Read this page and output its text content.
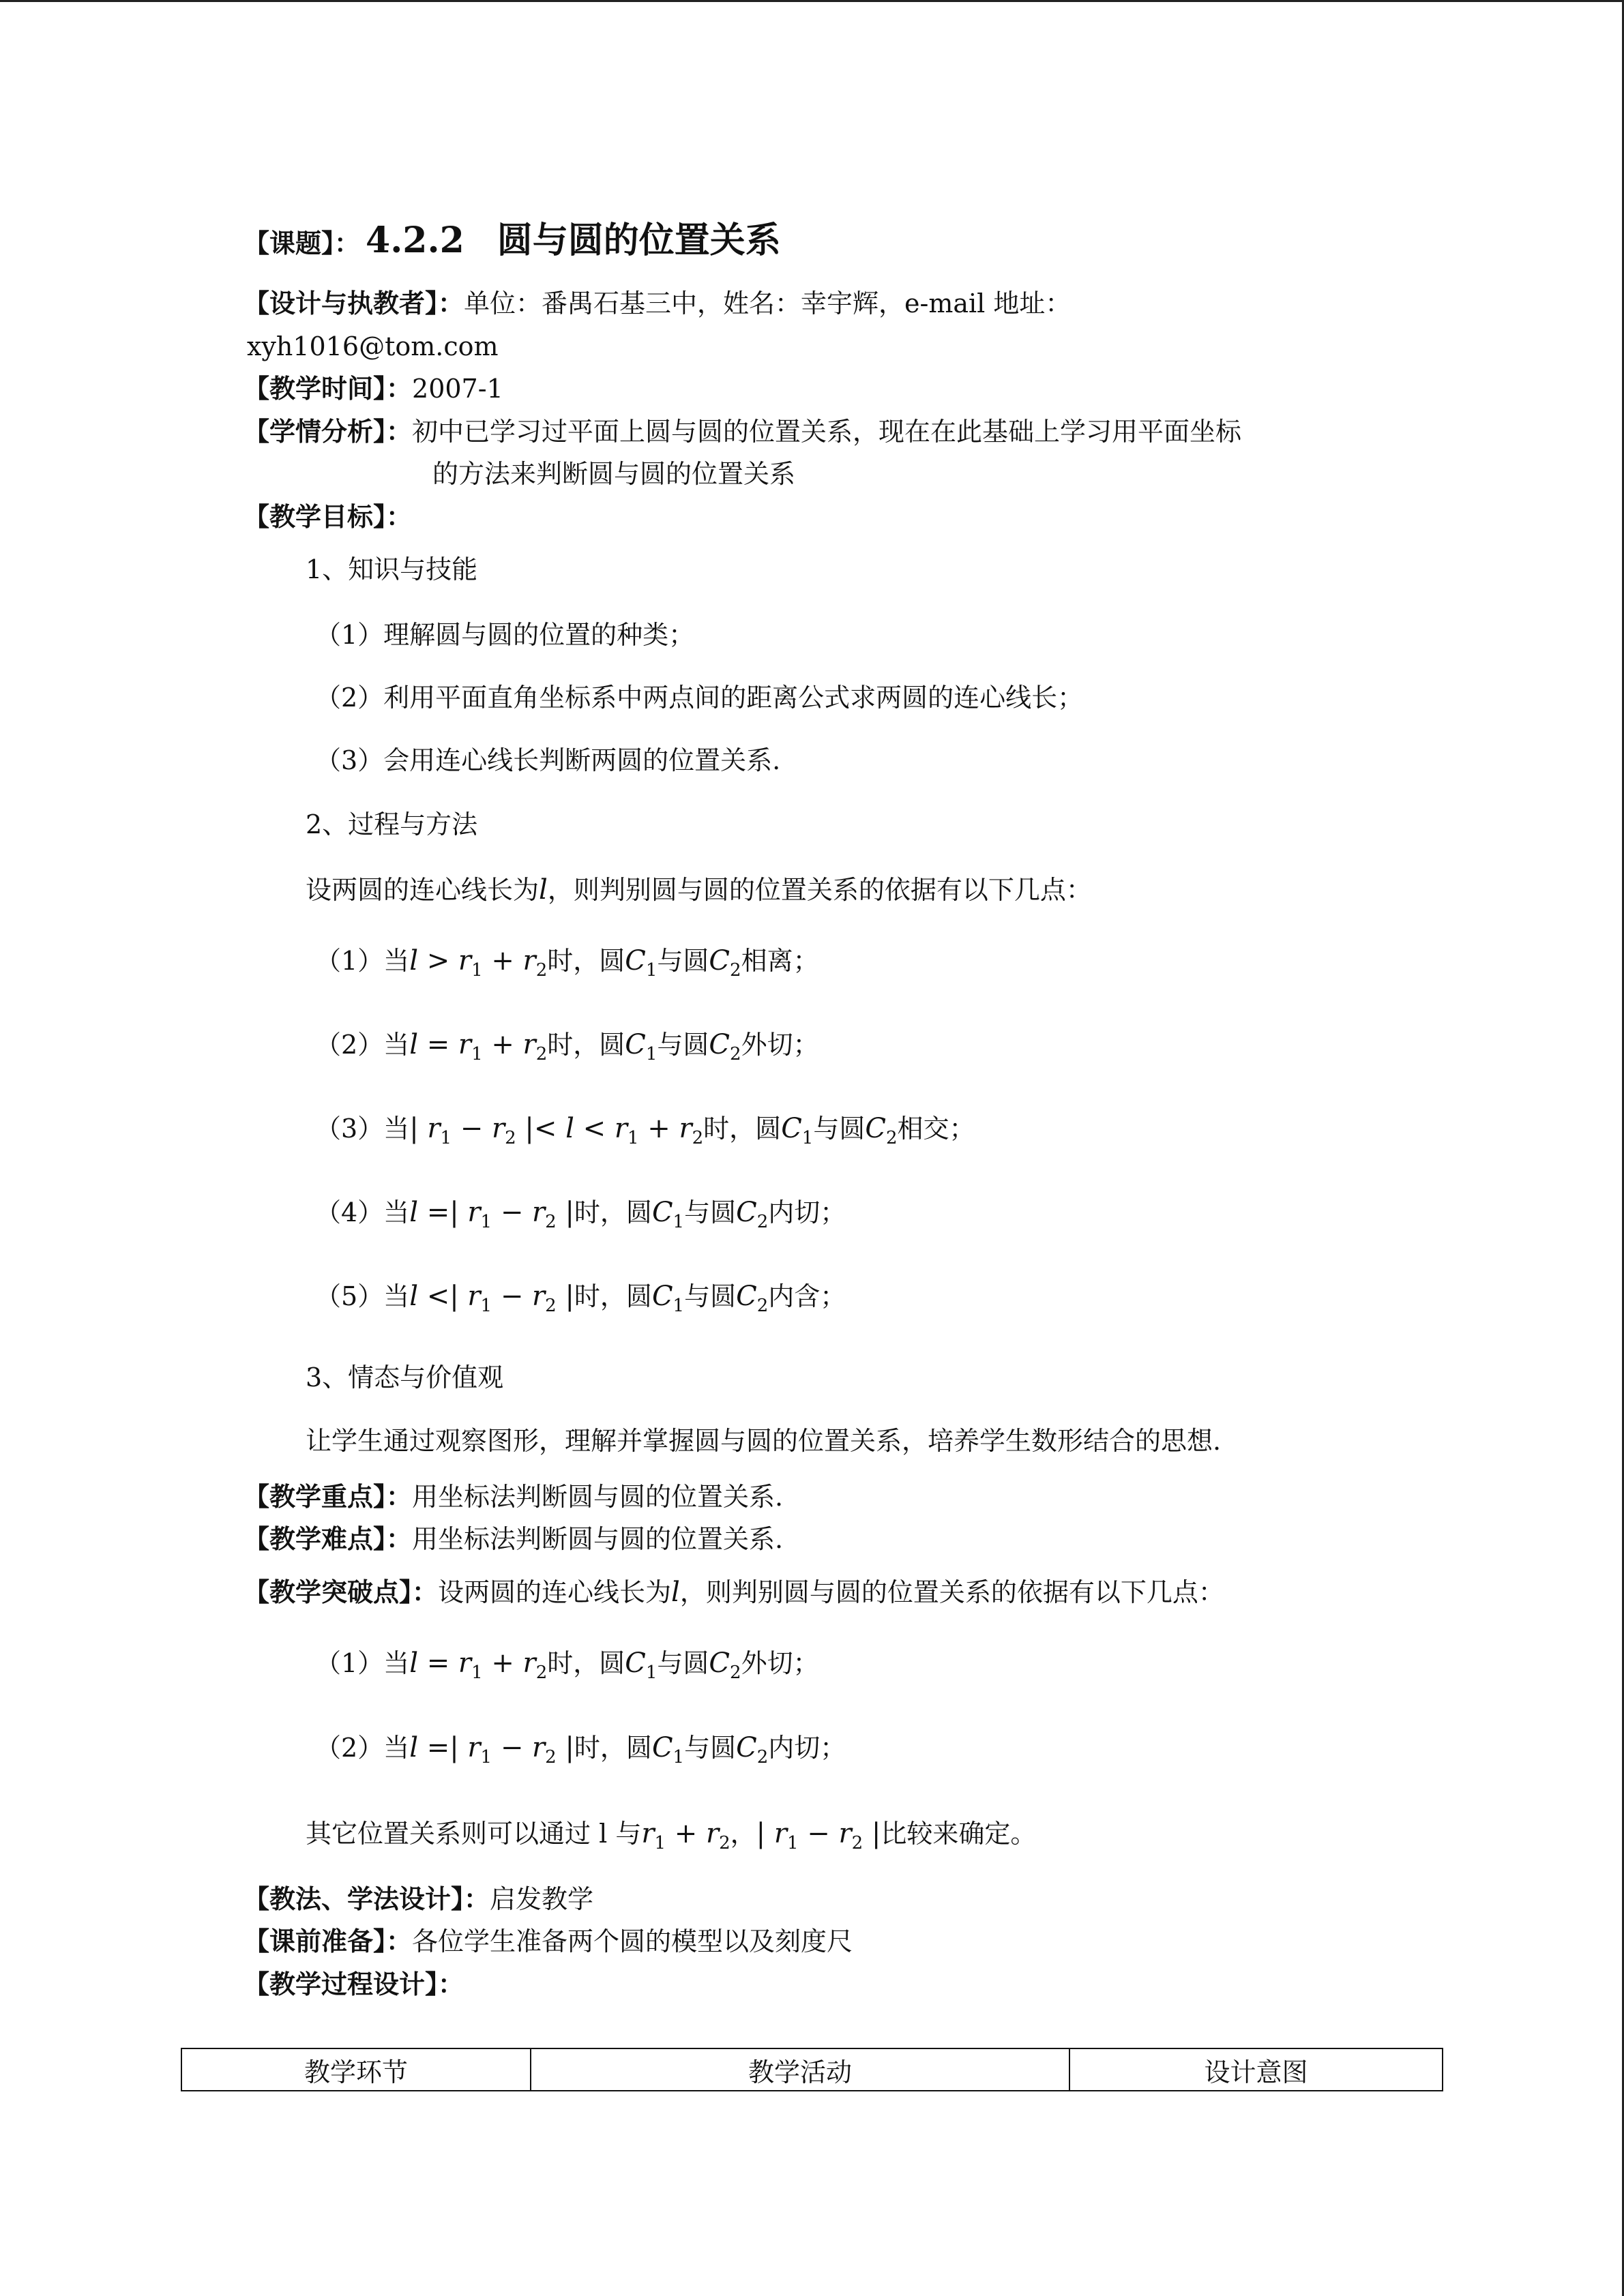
【课题】： 4.2.2 圆与圆的位置关系
【设计与执教者】：单位：番禺石基三中，姓名：幸宇辉，e-mail 地址：
xyh1016@tom.com
【教学时间】：2007-1
【学情分析】：初中已学习过平面上圆与圆的位置关系，现在在此基础上学习用平面坐标
的方法来判断圆与圆的位置关系
【教学目标】：
1、知识与技能
（1）理解圆与圆的位置的种类；
（2）利用平面直角坐标系中两点间的距离公式求两圆的连心线长；
（3）会用连心线长判断两圆的位置关系.
2、过程与方法
设两圆的连心线长为l，则判别圆与圆的位置关系的依据有以下几点：
（1）当$l > r_1 + r_2$时，圆$C_1$与圆$C_2$相离；
（2）当$l = r_1 + r_2$时，圆$C_1$与圆$C_2$外切；
（3）当| $r_1 - r_2$ |< $l < r_1 + r_2$时，圆$C_1$与圆$C_2$相交；
（4）当l =| $r_1 - r_2$ |时，圆$C_1$与圆$C_2$内切；
（5）当l <| $r_1 - r_2$ |时，圆$C_1$与圆$C_2$内含；
3、情态与价值观
让学生通过观察图形，理解并掌握圆与圆的位置关系，培养学生数形结合的思想.
【教学重点】：用坐标法判断圆与圆的位置关系.
【教学难点】：用坐标法判断圆与圆的位置关系.
【教学突破点】：设两圆的连心线长为l，则判别圆与圆的位置关系的依据有以下几点：
（1）当$l = r_1 + r_2$时，圆$C_1$与圆$C_2$外切；
（2）当l =| $r_1 - r_2$ |时，圆$C_1$与圆$C_2$内切；
其它位置关系则可以通过 l 与$r_1 + r_2$，| $r_1 - r_2$ |比较来确定。
【教法、学法设计】：启发教学
【课前准备】：各位学生准备两个圆的模型以及刻度尺
【教学过程设计】：
教学环节	教学活动	设计意图
